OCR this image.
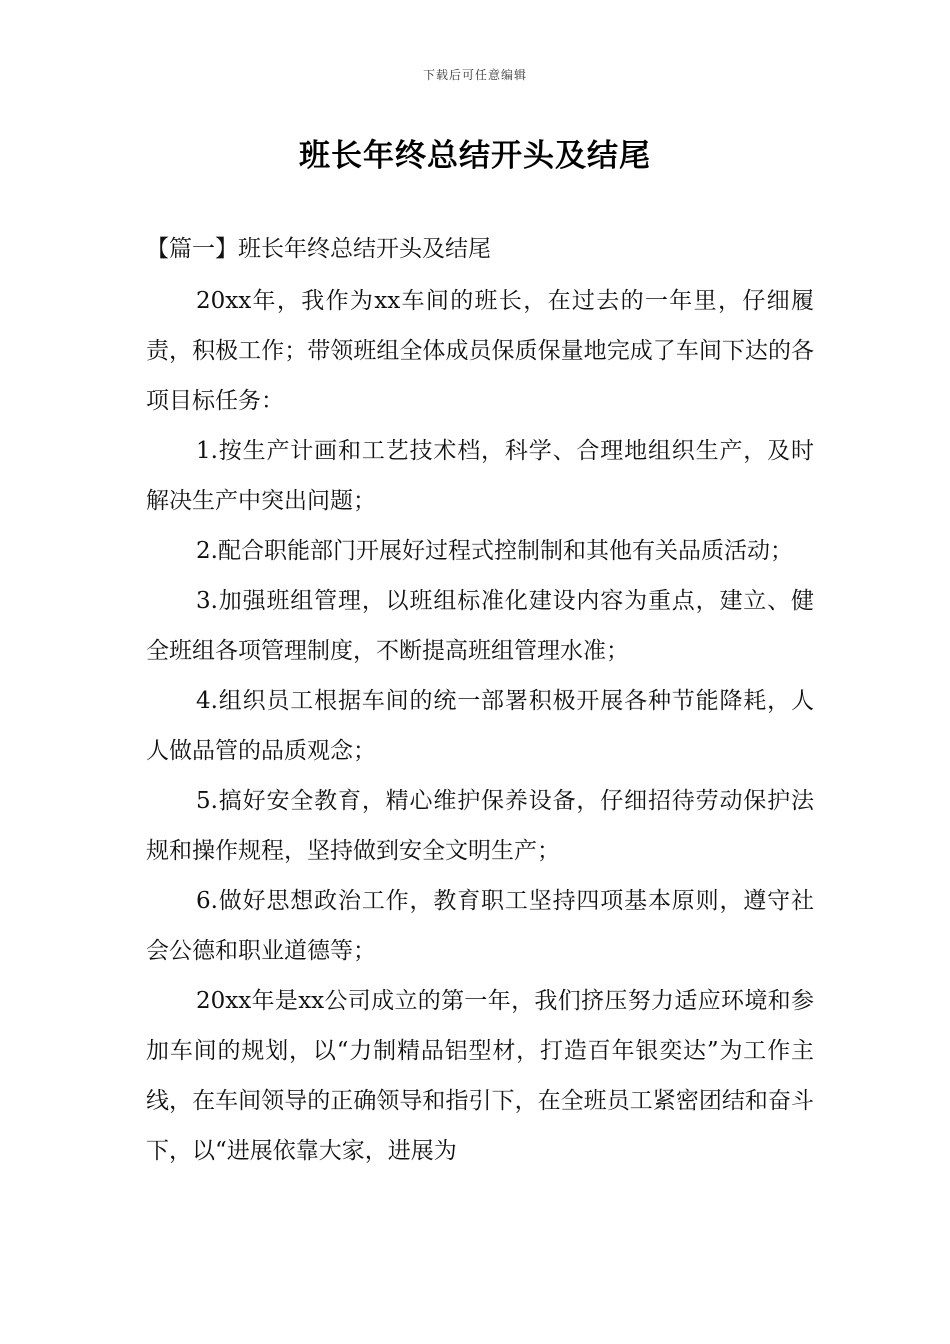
下载后可任意编辑
班长年终总结开头及结尾
【篇一】班长年终总结开头及结尾

20xx年，我作为xx车间的班长，在过去的一年里，仔细履责，积极工作；带领班组全体成员保质保量地完成了车间下达的各项目标任务：

1.按生产计画和工艺技术档，科学、合理地组织生产，及时解决生产中突出问题；

2.配合职能部门开展好过程式控制制和其他有关品质活动；

3.加强班组管理，以班组标准化建设内容为重点，建立、健全班组各项管理制度，不断提高班组管理水准；

4.组织员工根据车间的统一部署积极开展各种节能降耗，人人做品管的品质观念；

5.搞好安全教育，精心维护保养设备，仔细招待劳动保护法规和操作规程，坚持做到安全文明生产；

6.做好思想政治工作，教育职工坚持四项基本原则，遵守社会公德和职业道德等；

20xx年是xx公司成立的第一年，我们挤压努力适应环境和参加车间的规划，以“力制精品铝型材，打造百年银奕达”为工作主线，在车间领导的正确领导和指引下，在全班员工紧密团结和奋斗下，以“进展依靠大家，进展为
